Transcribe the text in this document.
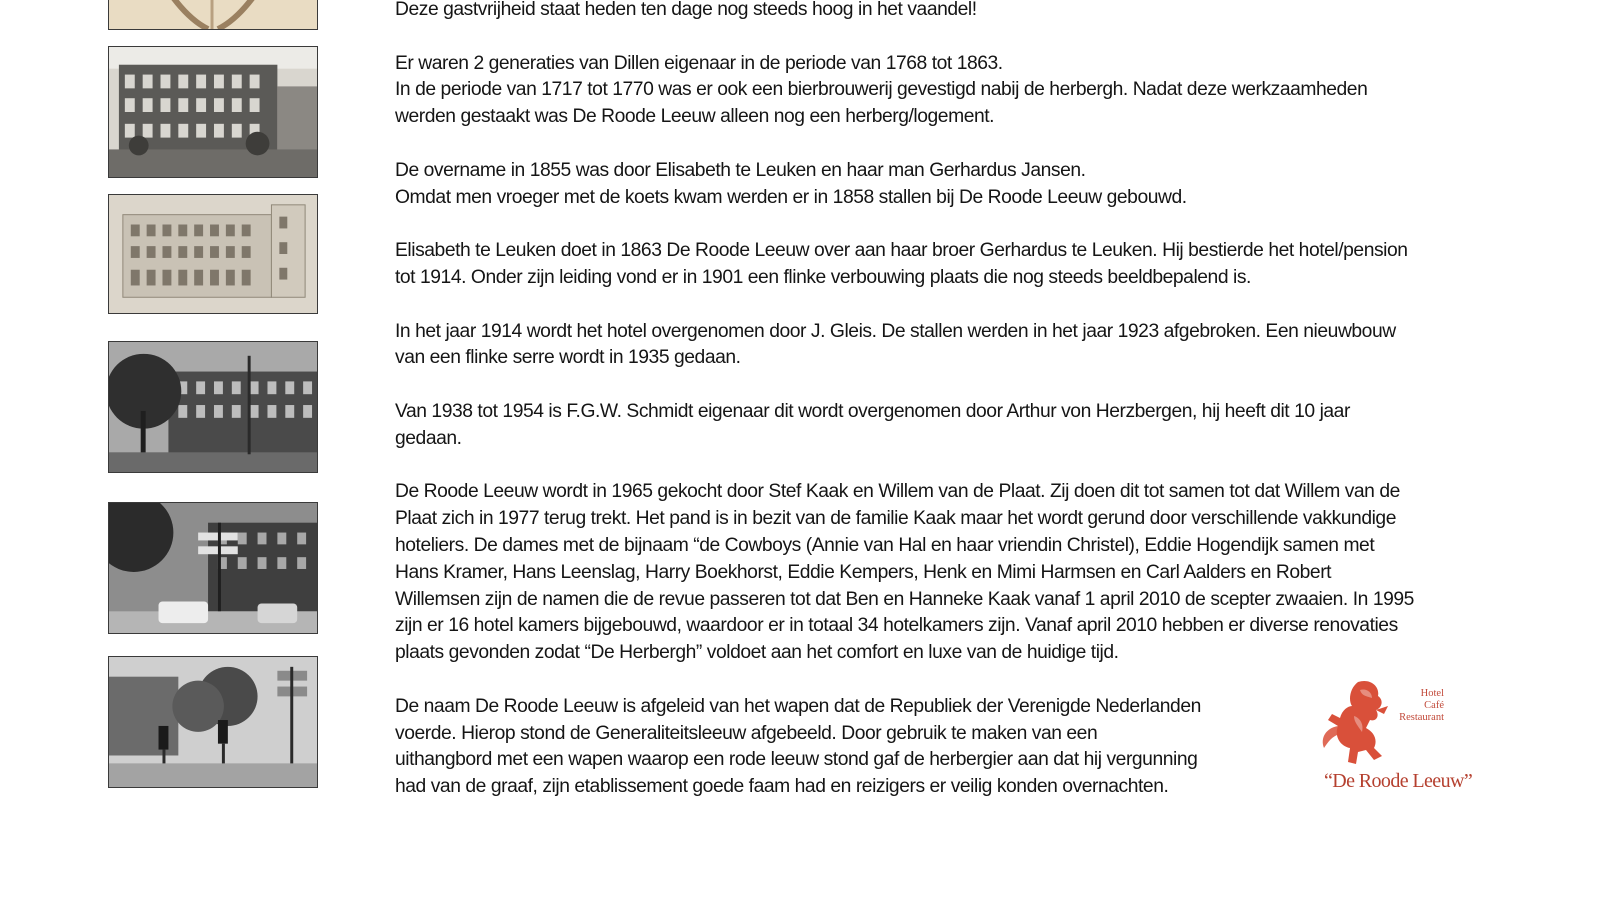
Deze gastvrijheid staat heden ten dage nog steeds hoog in het vaandel!

Er waren 2 generaties van Dillen eigenaar in de periode van 1768 tot 1863.
In de periode van 1717 tot 1770 was er ook een bierbrouwerij gevestigd nabij de herbergh. Nadat deze werkzaamheden
werden gestaakt was De Roode Leeuw alleen nog een herberg/logement.

De overname in 1855 was door Elisabeth te Leuken en haar man Gerhardus Jansen.
Omdat men vroeger met de koets kwam werden er in 1858 stallen bij De Roode Leeuw gebouwd.

Elisabeth te Leuken doet in 1863 De Roode Leeuw over aan haar broer Gerhardus te Leuken. Hij bestierde het hotel/pension
tot 1914. Onder zijn leiding vond er in 1901 een flinke verbouwing plaats die nog steeds beeldbepalend is.

In het jaar 1914 wordt het hotel overgenomen door J. Gleis. De stallen werden in het jaar 1923 afgebroken. Een nieuwbouw
van een flinke serre wordt in 1935 gedaan.

Van 1938 tot 1954 is F.G.W. Schmidt eigenaar dit wordt overgenomen door Arthur von Herzbergen, hij heeft dit 10 jaar
gedaan.

De Roode Leeuw wordt in 1965 gekocht door Stef Kaak en Willem van de Plaat. Zij doen dit tot samen tot dat Willem van de
Plaat zich in 1977 terug trekt. Het pand is in bezit van de familie Kaak maar het wordt gerund door verschillende vakkundige
hoteliers. De dames met de bijnaam “de Cowboys (Annie van Hal en haar vriendin Christel), Eddie Hogendijk samen met
Hans Kramer, Hans Leenslag, Harry Boekhorst, Eddie Kempers, Henk en Mimi Harmsen en Carl Aalders en Robert
Willemsen zijn de namen die de revue passeren tot dat Ben en Hanneke Kaak vanaf 1 april 2010 de scepter zwaaien. In 1995
zijn er 16 hotel kamers bijgebouwd, waardoor er in totaal 34 hotelkamers zijn. Vanaf april 2010 hebben er diverse renovaties
plaats gevonden zodat “De Herbergh” voldoet aan het comfort en luxe van de huidige tijd.

De naam De Roode Leeuw is afgeleid van het wapen dat de Republiek der Verenigde Nederlanden
voerde. Hierop stond de Generaliteitsleeuw afgebeeld. Door gebruik te maken van een
uithangbord met een wapen waarop een rode leeuw stond gaf de herbergier aan dat hij vergunning
had van de graaf, zijn etablissement goede faam had en reizigers er veilig konden overnachten.

Hotel
Café
Restaurant
“De Roode Leeuw”
